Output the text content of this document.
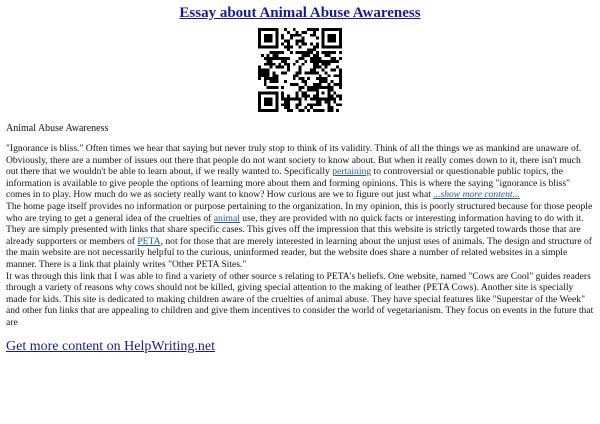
Essay about Animal Abuse Awareness
Animal Abuse Awareness

"Ignorance is bliss." Often times we hear that saying but never truly stop to think of its validity. Think of all the things we as mankind are unaware of. Obviously, there are a number of issues out there that people do not want society to know about. But when it really comes down to it, there isn't much out there that we wouldn't be able to learn about, if we really wanted to. Specifically pertaining to controversial or questionable public topics, the information is available to give people the options of learning more about them and forming opinions. This is where the saying "ignorance is bliss" comes in to play. How much do we as society really want to know? How curious are we to figure out just what ...show more content...

The home page itself provides no information or purpose pertaining to the organization. In my opinion, this is poorly structured because for those people who are trying to get a general idea of the cruelties of animal use, they are provided with no quick facts or interesting information having to do with it. They are simply presented with links that share specific cases. This gives off the impression that this website is strictly targeted towards those that are already supporters or members of PETA, not for those that are merely interested in learning about the unjust uses of animals. The design and structure of the main website are not necessarily helpful to the curious, uninformed reader, but the website does share a number of related websites in a simple manner. There is a link that plainly writes "Other PETA Sites."

It was through this link that I was able to find a variety of other source s relating to PETA's beliefs. One website, named "Cows are Cool" guides readers through a variety of reasons why cows should not be killed, giving special attention to the making of leather (PETA Cows). Another site is specially made for kids. This site is dedicated to making children aware of the cruelties of animal abuse. They have special features like "Superstar of the Week" and other fun links that are appealing to children and give them incentives to consider the world of vegetarianism. They focus on events in the future that are

Get more content on HelpWriting.net
